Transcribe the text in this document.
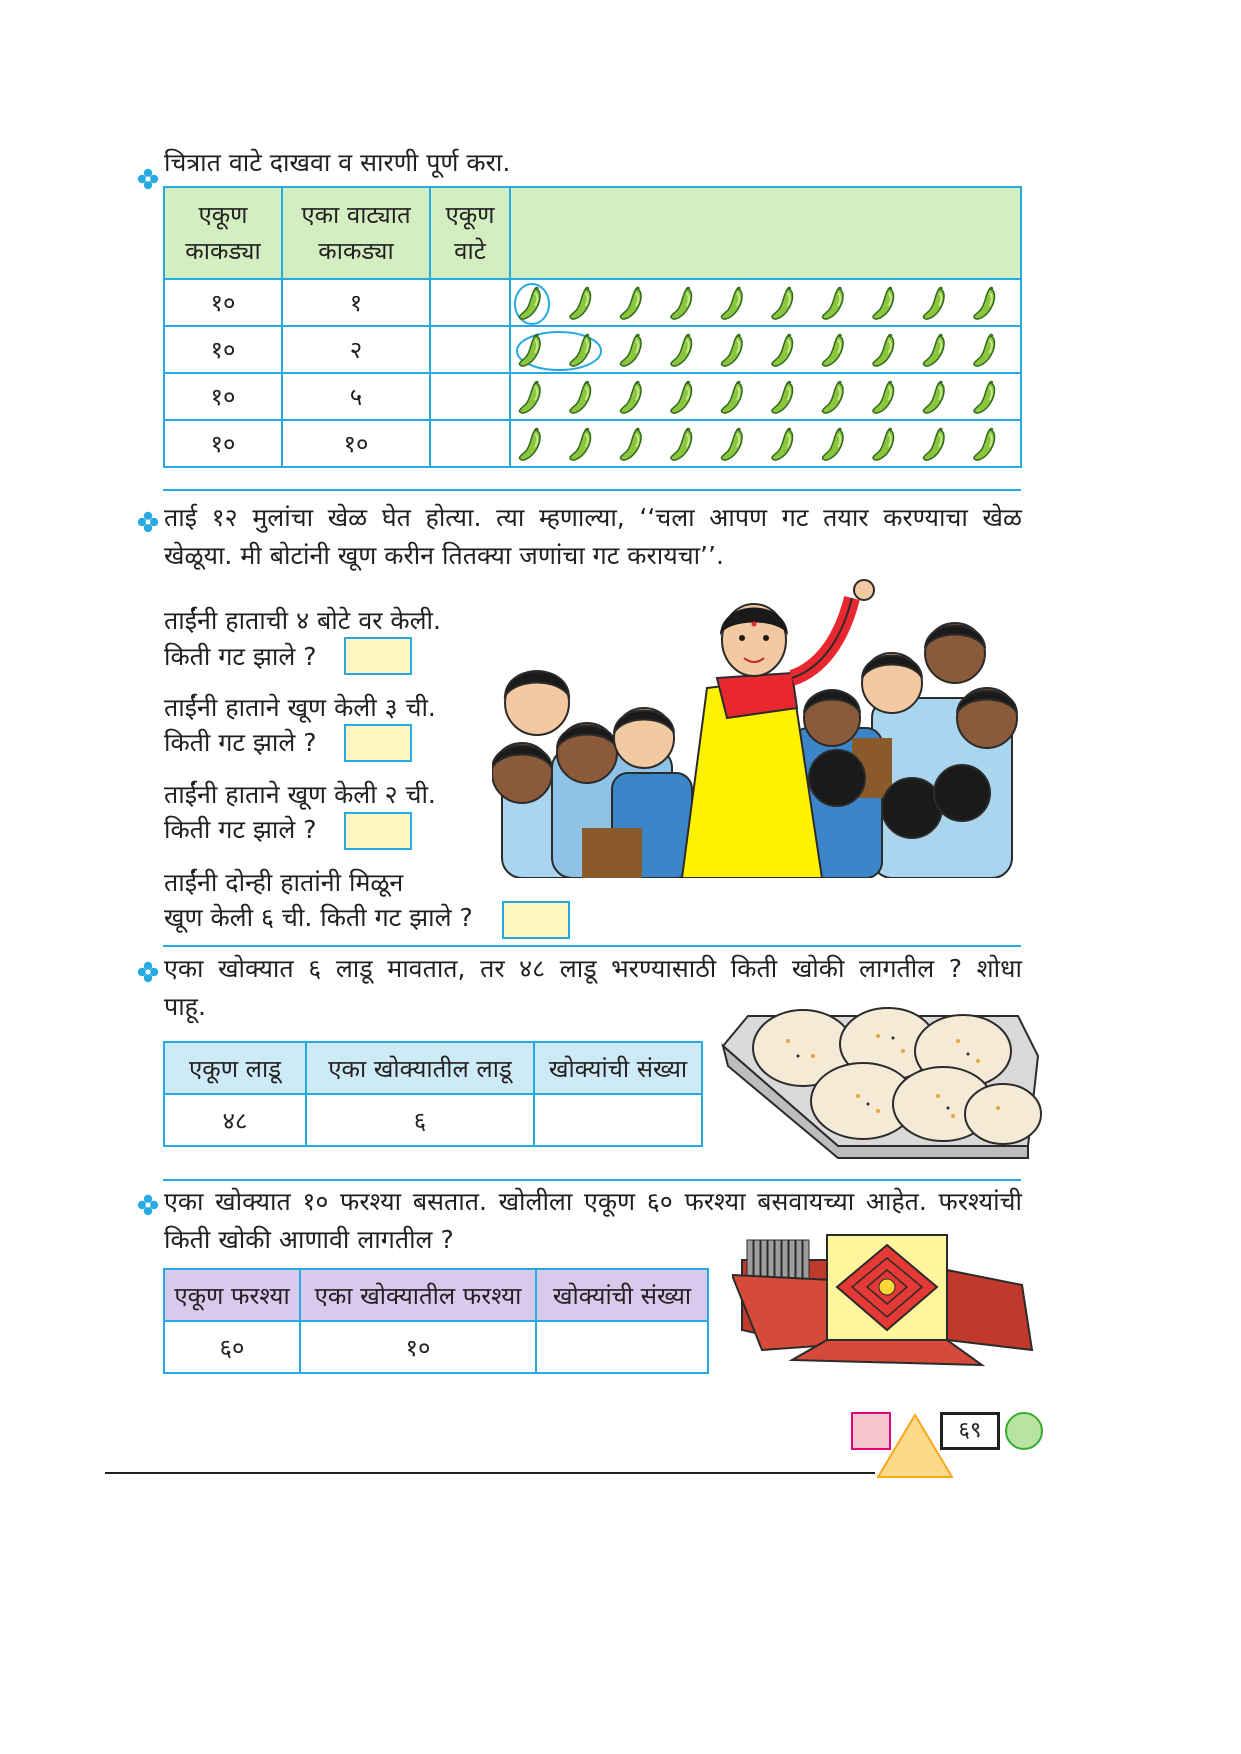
चित्रात वाटे दाखवा व सारणी पूर्ण करा.
एकूण काकड्या	एका वाट्यात काकड्या	एकूण वाटे	
१०	१		
१०	२		
१०	५		
१०	१०		
ताई १२ मुलांचा खेळ घेत होत्या. त्या म्हणाल्या, ‘‘चला आपण गट तयार करण्याचा खेळ
खेळूया. मी बोटांनी खूण करीन तितक्या जणांचा गट करायचा’’.
ताईंनी हाताची ४ बोटे वर केली.
किती गट झाले ?
ताईंनी हाताने खूण केली ३ ची.
किती गट झाले ?
ताईंनी हाताने खूण केली २ ची.
किती गट झाले ?
ताईंनी दोन्ही हातांनी मिळून
खूण केली ६ ची. किती गट झाले ?
एका खोक्यात ६ लाडू मावतात, तर ४८ लाडू भरण्यासाठी किती खोकी लागतील ? शोधा
पाहू.
एकूण लाडू	एका खोक्यातील लाडू	खोक्यांची संख्या
४८	६	
एका खोक्यात १० फरश्या बसतात. खोलीला एकूण ६० फरश्या बसवायच्या आहेत. फरश्यांची
किती खोकी आणावी लागतील ?
एकूण फरश्या	एका खोक्यातील फरश्या	खोक्यांची संख्या
६०	१०	
६९
